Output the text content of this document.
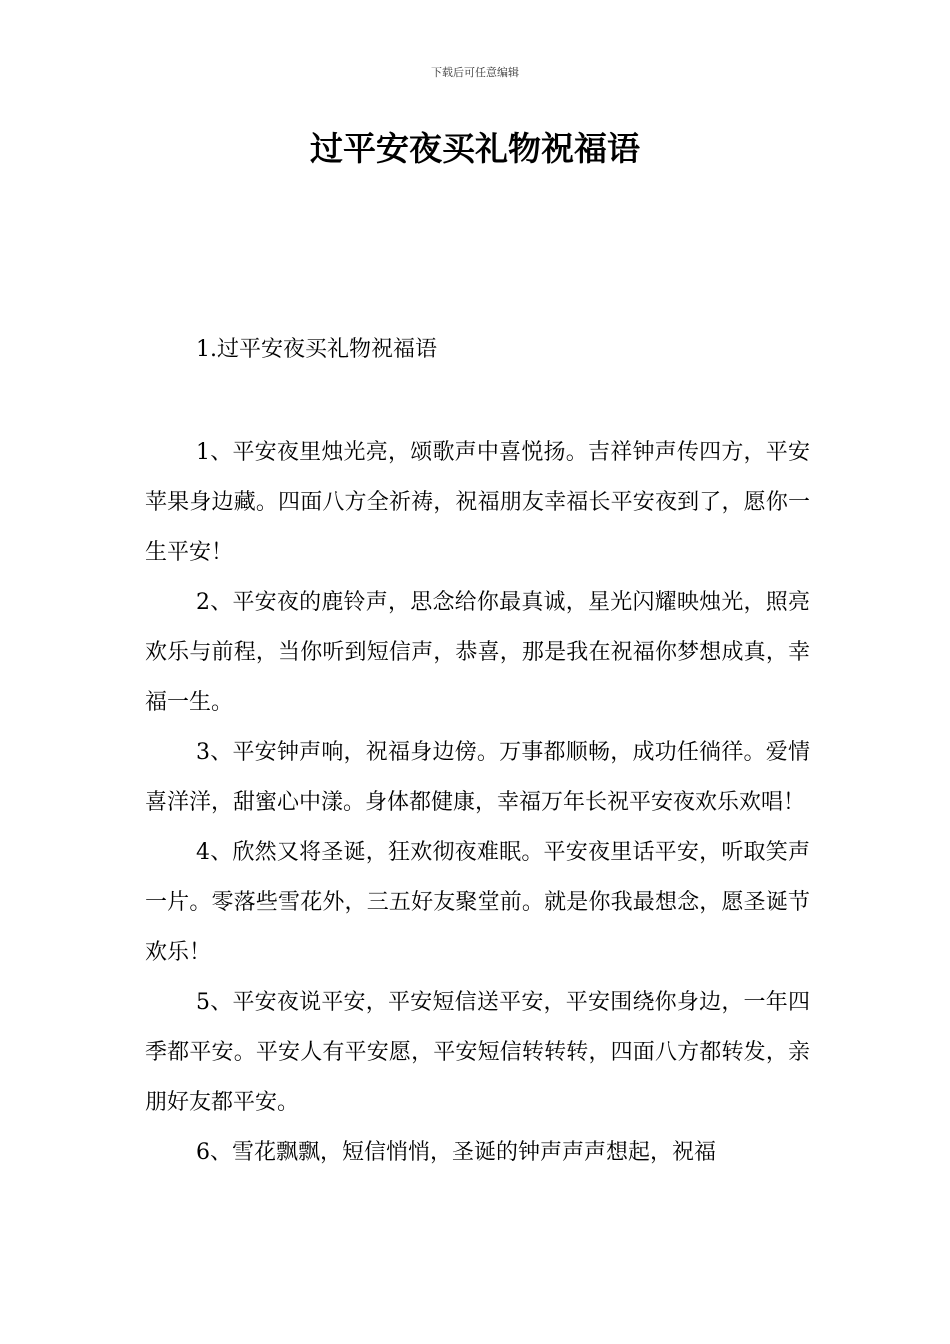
下载后可任意编辑
过平安夜买礼物祝福语
1.过平安夜买礼物祝福语

1、平安夜里烛光亮，颂歌声中喜悦扬。吉祥钟声传四方，平安苹果身边藏。四面八方全祈祷，祝福朋友幸福长平安夜到了，愿你一生平安！

2、平安夜的鹿铃声，思念给你最真诚，星光闪耀映烛光，照亮欢乐与前程，当你听到短信声，恭喜，那是我在祝福你梦想成真，幸福一生。

3、平安钟声响，祝福身边傍。万事都顺畅，成功任徜徉。爱情喜洋洋，甜蜜心中漾。身体都健康，幸福万年长祝平安夜欢乐欢唱！

4、欣然又将圣诞，狂欢彻夜难眠。平安夜里话平安，听取笑声一片。零落些雪花外，三五好友聚堂前。就是你我最想念，愿圣诞节欢乐！

5、平安夜说平安，平安短信送平安，平安围绕你身边，一年四季都平安。平安人有平安愿，平安短信转转转，四面八方都转发，亲朋好友都平安。

6、雪花飘飘，短信悄悄，圣诞的钟声声声想起，祝福
